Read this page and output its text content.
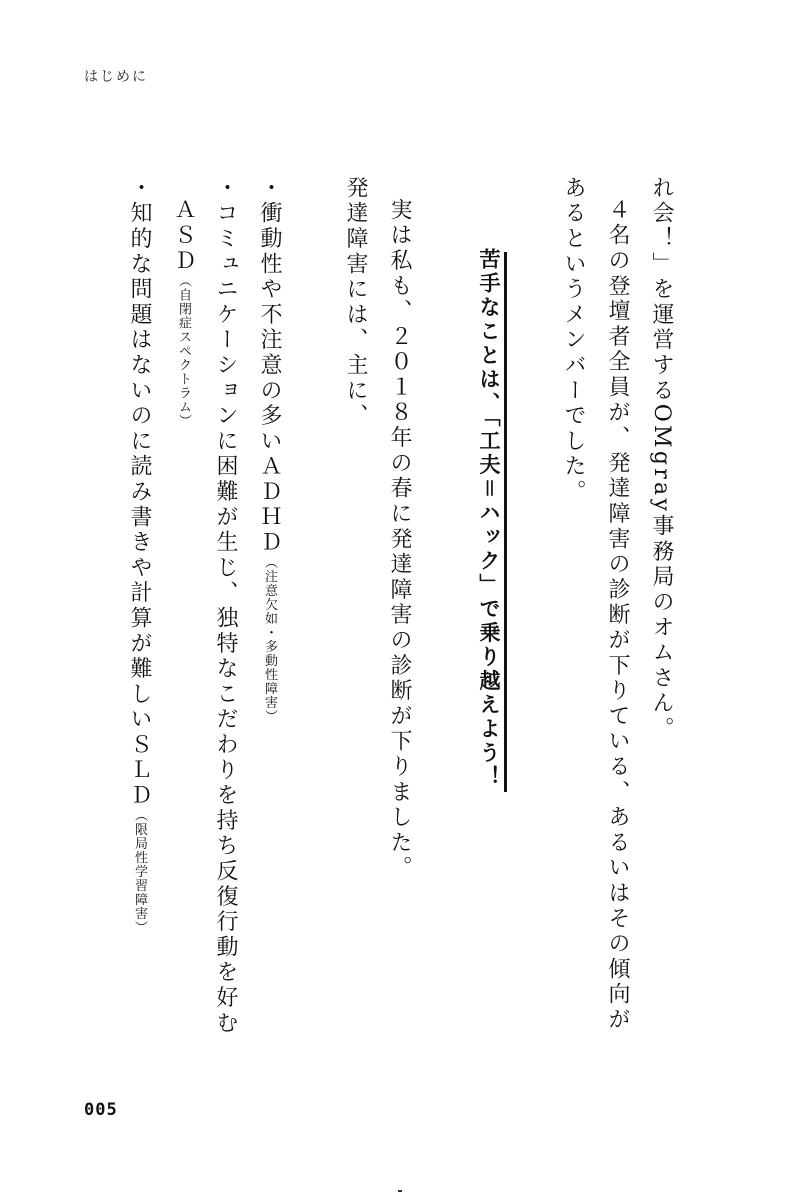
はじめに
れ会！」を運営するOMgray事務局のオムさん。
４名の登壇者全員が、発達障害の診断が下りている、あるいはその傾向が
あるというメンバーでした。
苦手なことは、「工夫＝ハック」で乗り越えよう！
実は私も、２０１８年の春に発達障害の診断が下りました。
発達障害には、主に、
・衝動性や不注意の多いＡＤＨＤ（注意欠如・多動性障害）
・コミュニケーションに困難が生じ、独特なこだわりを持ち反復行動を好む
ＡＳＤ（自閉症スペクトラム）
・知的な問題はないのに読み書きや計算が難しいＳＬＤ（限局性学習障害）
005
